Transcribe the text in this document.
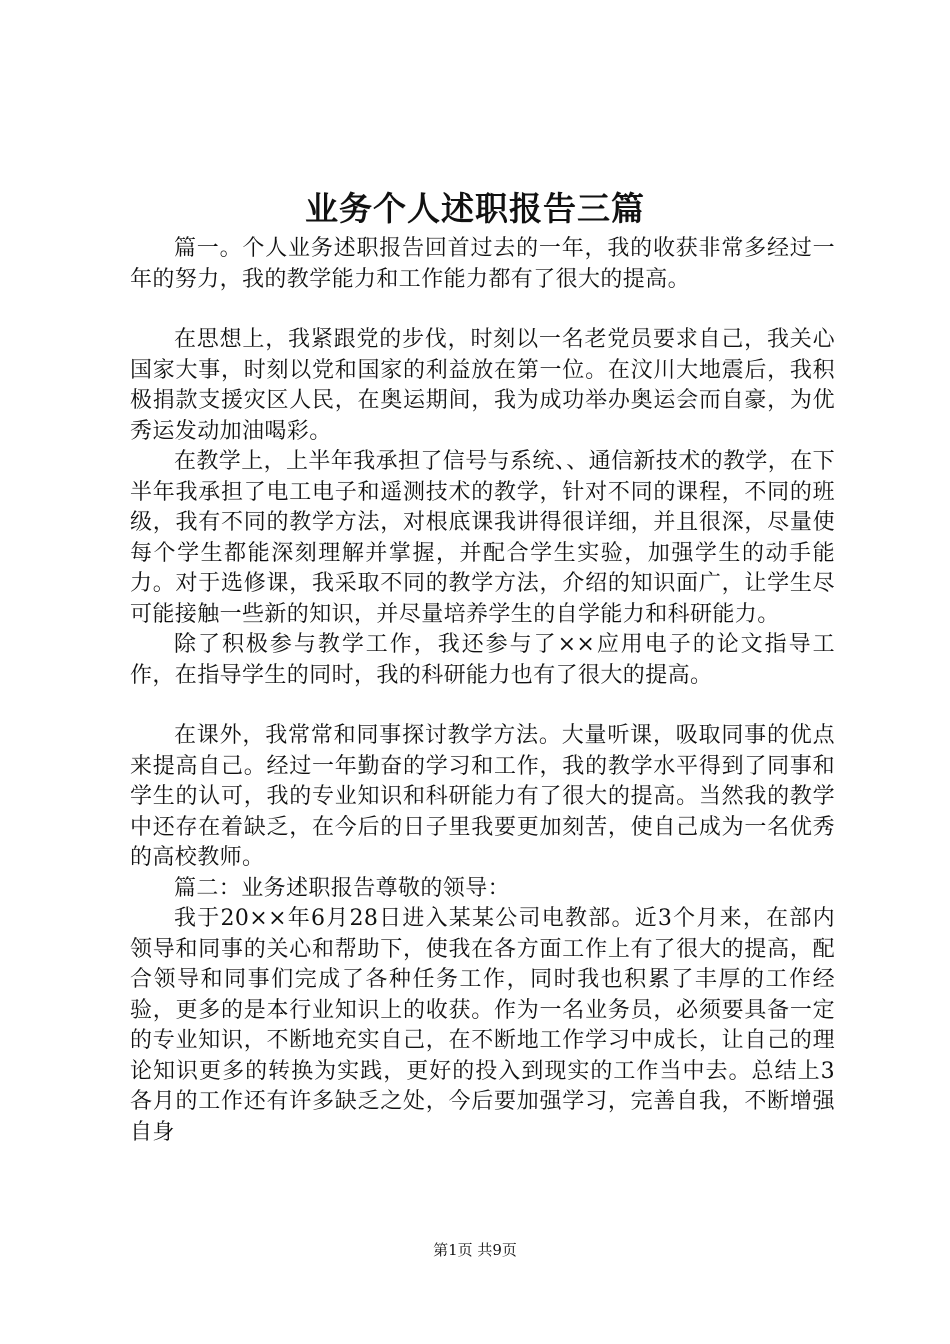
业务个人述职报告三篇

篇一。个人业务述职报告回首过去的一年，我的收获非常多经过一年的努力，我的教学能力和工作能力都有了很大的提高。

在思想上，我紧跟党的步伐，时刻以一名老党员要求自己，我关心国家大事，时刻以党和国家的利益放在第一位。在汶川大地震后，我积极捐款支援灾区人民，在奥运期间，我为成功举办奥运会而自豪，为优秀运发动加油喝彩。

在教学上，上半年我承担了信号与系统、、通信新技术的教学，在下半年我承担了电工电子和遥测技术的教学，针对不同的课程，不同的班级，我有不同的教学方法，对根底课我讲得很详细，并且很深，尽量使每个学生都能深刻理解并掌握，并配合学生实验，加强学生的动手能力。对于选修课，我采取不同的教学方法，介绍的知识面广，让学生尽可能接触一些新的知识，并尽量培养学生的自学能力和科研能力。

除了积极参与教学工作，我还参与了××应用电子的论文指导工作，在指导学生的同时，我的科研能力也有了很大的提高。

在课外，我常常和同事探讨教学方法。大量听课，吸取同事的优点来提高自己。经过一年勤奋的学习和工作，我的教学水平得到了同事和学生的认可，我的专业知识和科研能力有了很大的提高。当然我的教学中还存在着缺乏，在今后的日子里我要更加刻苦，使自己成为一名优秀的高校教师。

篇二：业务述职报告尊敬的领导：

我于20××年6月28日进入某某公司电教部。近3个月来，在部内领导和同事的关心和帮助下，使我在各方面工作上有了很大的提高，配合领导和同事们完成了各种任务工作，同时我也积累了丰厚的工作经验，更多的是本行业知识上的收获。作为一名业务员，必须要具备一定的专业知识，不断地充实自己，在不断地工作学习中成长，让自己的理论知识更多的转换为实践，更好的投入到现实的工作当中去。总结上3各月的工作还有许多缺乏之处，今后要加强学习，完善自我，不断增强自身

第1页 共9页
